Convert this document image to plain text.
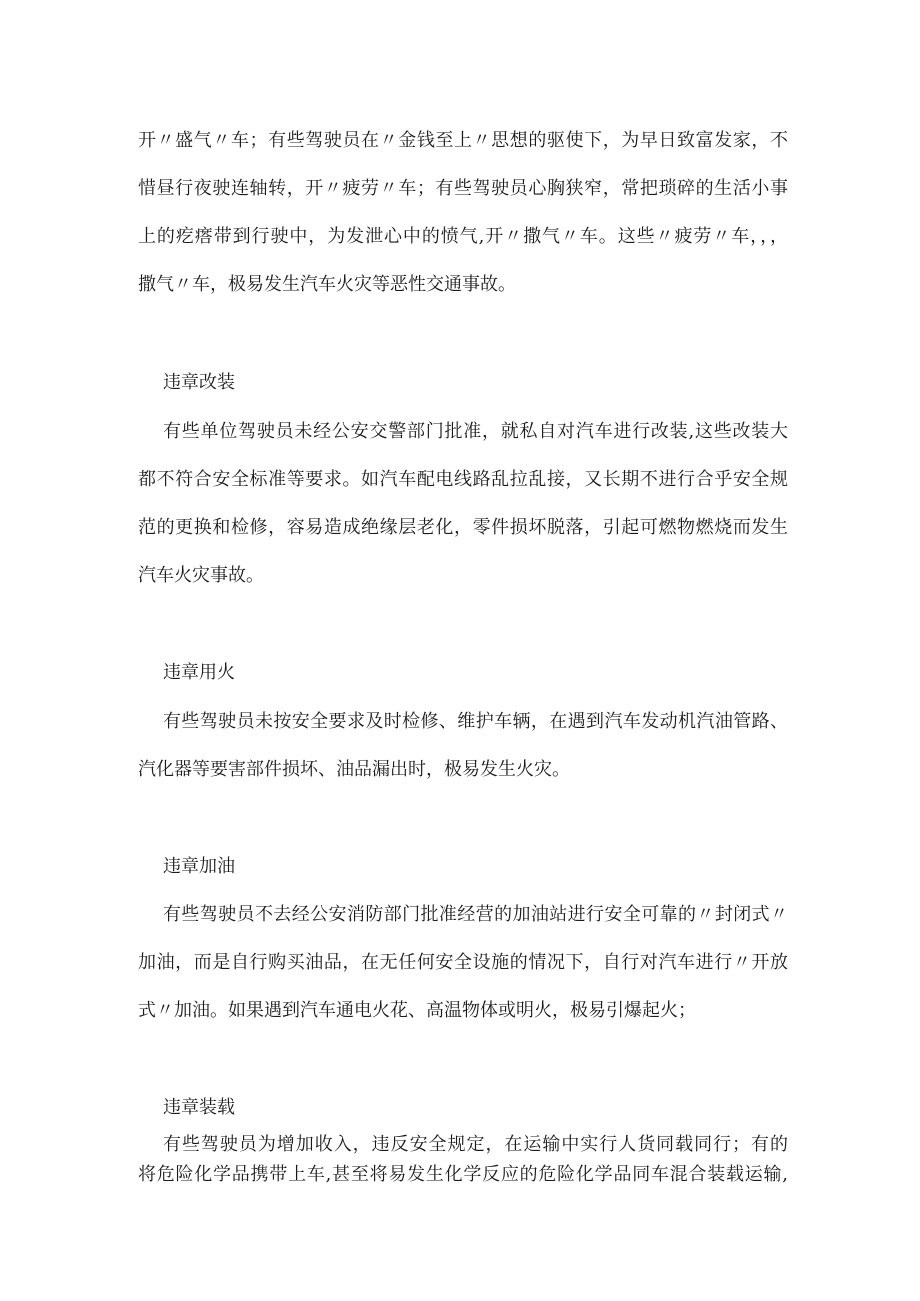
开〃盛气〃车；有些驾驶员在〃金钱至上〃思想的驱使下，为早日致富发家，不
惜昼行夜驶连轴转，开〃疲劳〃车；有些驾驶员心胸狭窄，常把琐碎的生活小事
上的疙瘩带到行驶中，为发泄心中的愤气,开〃撒气〃车。这些〃疲劳〃车，，，
撒气〃车，极易发生汽车火灾等恶性交通事故。
违章改装
有些单位驾驶员未经公安交警部门批准，就私自对汽车进行改装,这些改装大
都不符合安全标准等要求。如汽车配电线路乱拉乱接，又长期不进行合乎安全规
范的更换和检修，容易造成绝缘层老化，零件损坏脱落，引起可燃物燃烧而发生
汽车火灾事故。
违章用火
有些驾驶员未按安全要求及时检修、维护车辆，在遇到汽车发动机汽油管路、
汽化器等要害部件损坏、油品漏出时，极易发生火灾。
违章加油
有些驾驶员不去经公安消防部门批准经营的加油站进行安全可靠的〃封闭式〃
加油，而是自行购买油品，在无任何安全设施的情况下，自行对汽车进行〃开放
式〃加油。如果遇到汽车通电火花、高温物体或明火，极易引爆起火；
违章装载
有些驾驶员为增加收入，违反安全规定，在运输中实行人货同载同行；有的
将危险化学品携带上车,甚至将易发生化学反应的危险化学品同车混合装载运输,
